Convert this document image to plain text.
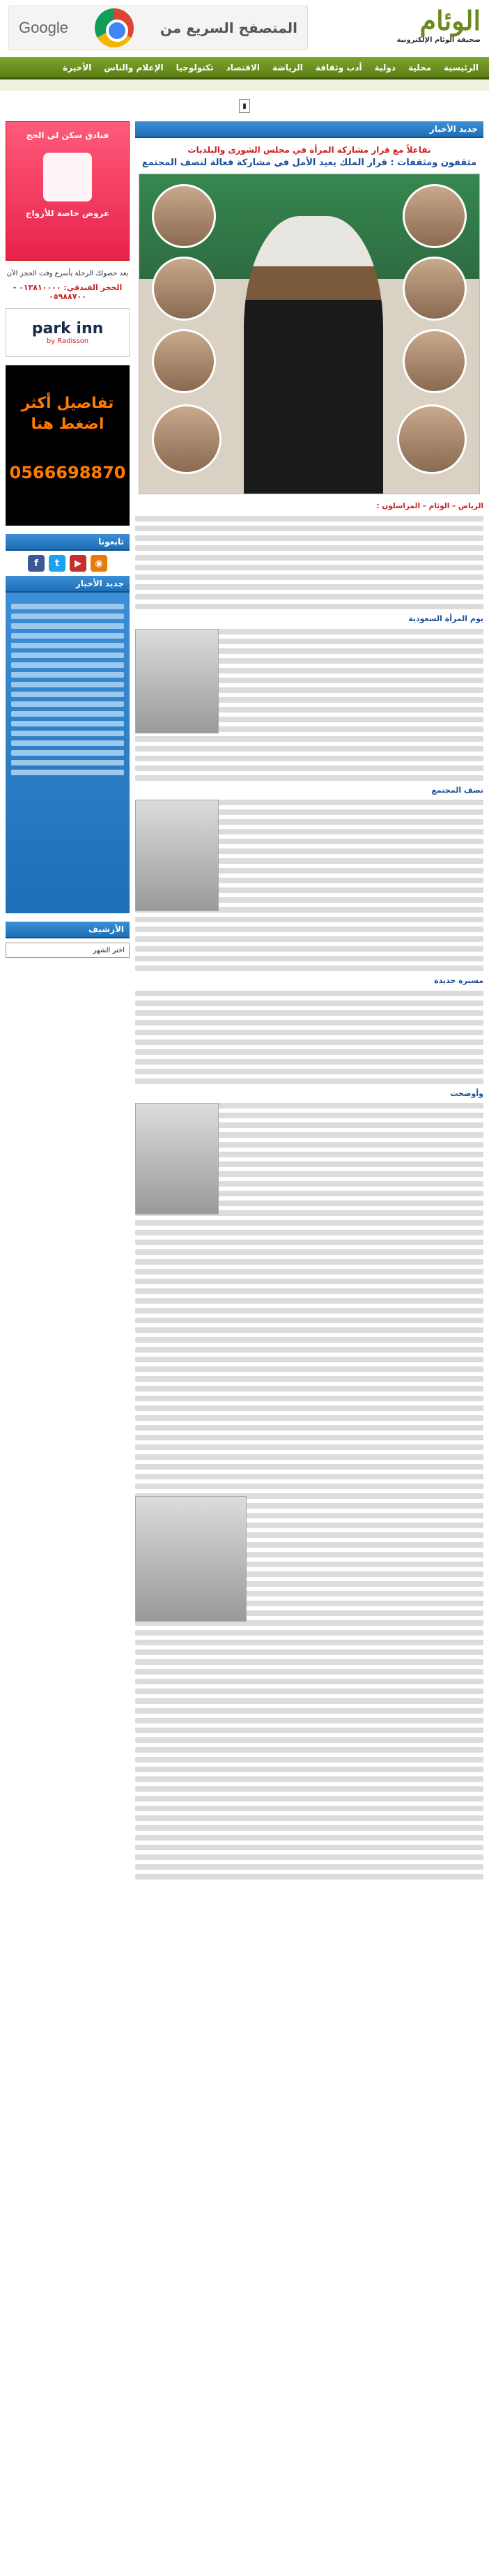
الوئام
صحيفة الوئام الإلكترونية
المتصفح السريع من
Google
الرئيسية
محلية
دولية
أدب وثقافة
الرياضة
الاقتصاد
تكنولوجيا
الإعلام والناس
الأخيرة
▮
جديد الأخبار
تفاعلاً مع قرار مشاركة المرأة في مجلس الشورى والبلديات
مثقفون ومثقفات : قرار الملك يعيد الأمل في مشاركة فعالة لنصف المجتمع

الرياض – الوئام – المراسلون :

يوم المرأة السعودية
نصف المجتمع
مسيرة جديدة
وأوضحت
فنادق سكن لي الحج
عروض خاصة للأزواج
بعد حصولك الرحلة بأسرع وقت الحجز الآن
الحجز الفندقي: ٠١٣٨١٠٠٠٠ - ٠٥٩٨٨٧٠٠
park inn
by Radisson
تفاصيل أكثر اضغط هنا
0566698870
تابعونا
◉
▶
t
f
جديد الأخبار
الأرشيف
اختر الشهر
